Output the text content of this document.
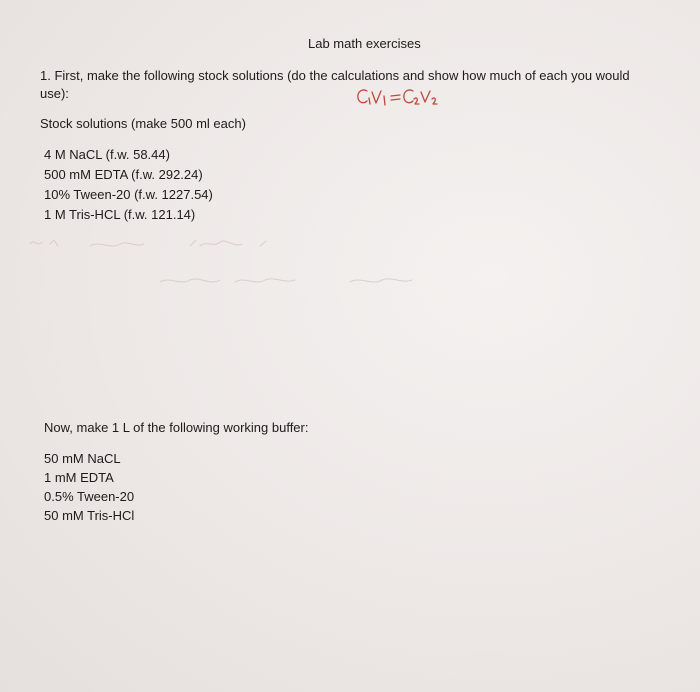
Lab math exercises
1. First, make the following stock solutions (do the calculations and show how much of each you would
use):
Stock solutions (make 500 ml each)
4 M NaCL (f.w. 58.44)
500 mM EDTA (f.w. 292.24)
10% Tween-20 (f.w. 1227.54)
1 M Tris-HCL (f.w. 121.14)
Now, make 1 L of the following working buffer:
50 mM NaCL
1 mM EDTA
0.5% Tween-20
50 mM Tris-HCl
